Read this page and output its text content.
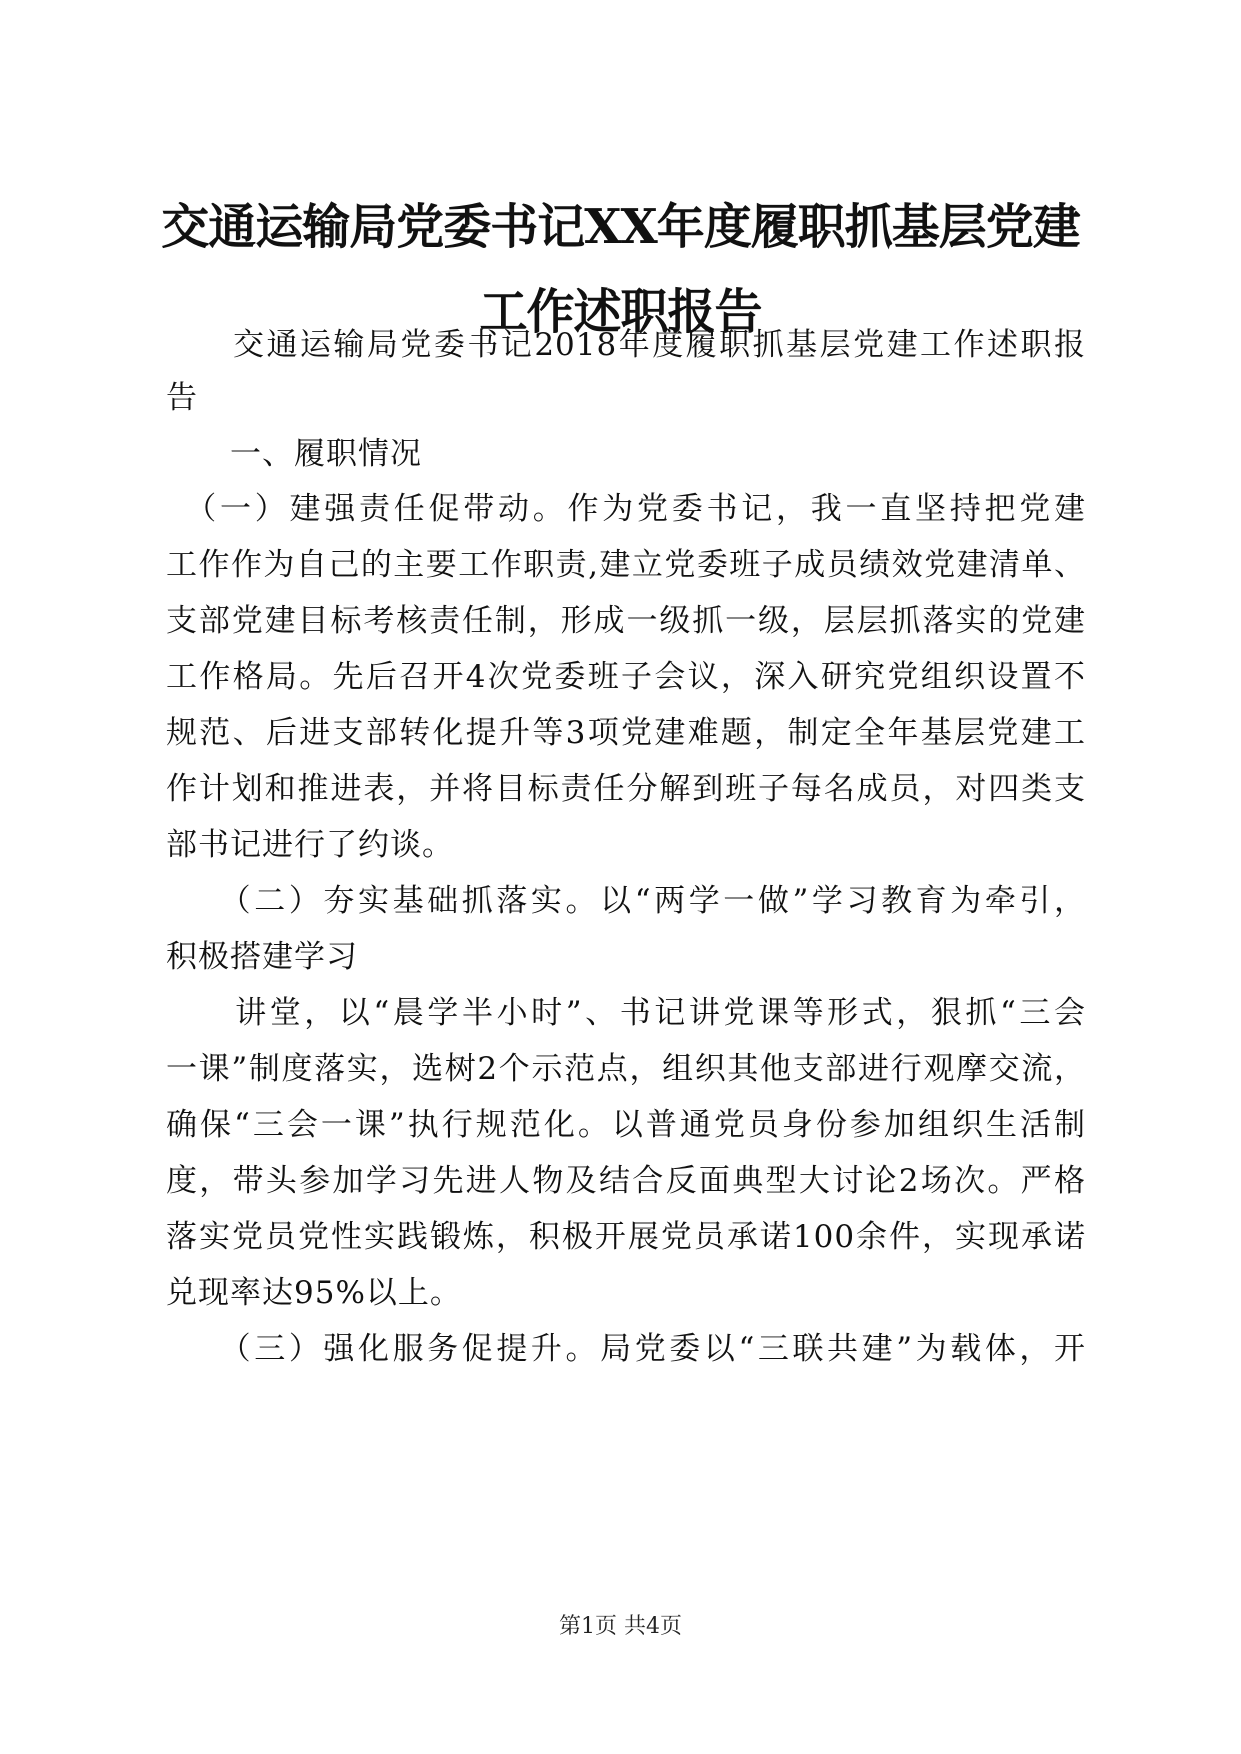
交通运输局党委书记XX年度履职抓基层党建
工作述职报告
　　交通运输局党委书记2018年度履职抓基层党建工作述职报
告
　　一、履职情况
　（一）建强责任促带动。作为党委书记，我一直坚持把党建
工作作为自己的主要工作职责,建立党委班子成员绩效党建清单、
支部党建目标考核责任制，形成一级抓一级，层层抓落实的党建
工作格局。先后召开4次党委班子会议，深入研究党组织设置不
规范、后进支部转化提升等3项党建难题，制定全年基层党建工
作计划和推进表，并将目标责任分解到班子每名成员，对四类支
部书记进行了约谈。
　　（二）夯实基础抓落实。以“两学一做”学习教育为牵引，
积极搭建学习
　　讲堂，以“晨学半小时”、书记讲党课等形式，狠抓“三会
一课”制度落实，选树2个示范点，组织其他支部进行观摩交流，
确保“三会一课”执行规范化。以普通党员身份参加组织生活制
度，带头参加学习先进人物及结合反面典型大讨论2场次。严格
落实党员党性实践锻炼，积极开展党员承诺100余件，实现承诺
兑现率达95%以上。
　　（三）强化服务促提升。局党委以“三联共建”为载体，开
第1页 共4页
